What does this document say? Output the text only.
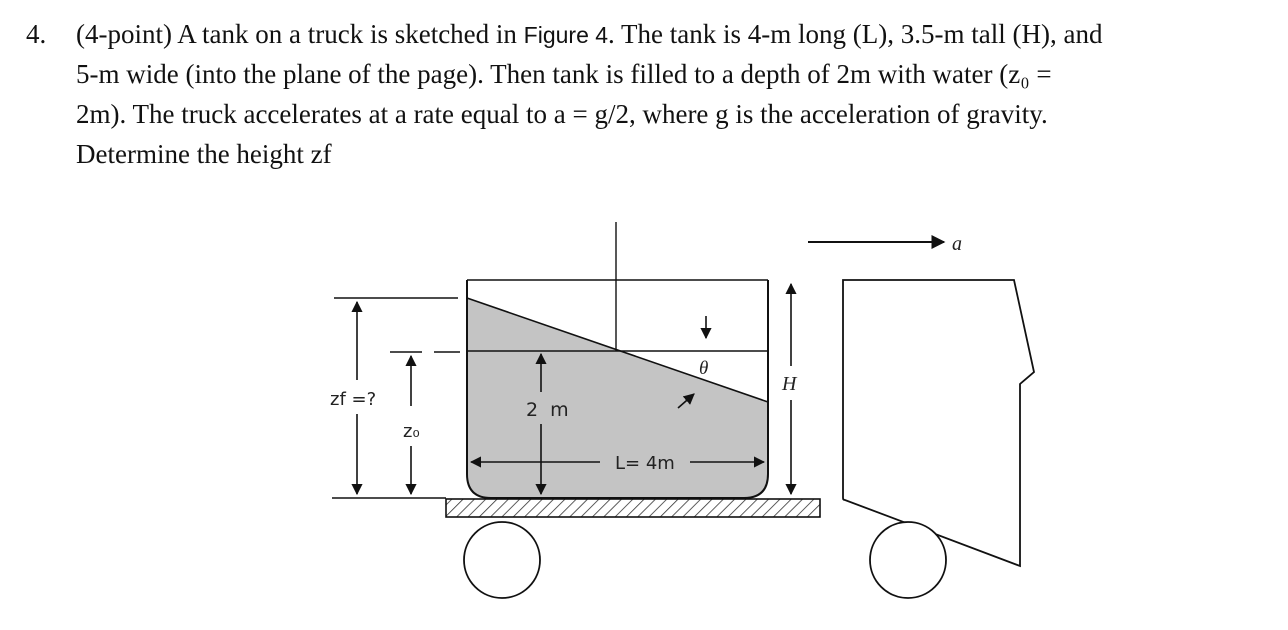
4. (4-point) A tank on a truck is sketched in Figure 4. The tank is 4-m long (L), 3.5-m tall (H), and
5-m wide (into the plane of the page). Then tank is filled to a depth of 2m with water (z₀ =
2m). The truck accelerates at a rate equal to a = g/2, where g is the acceleration of gravity.
Determine the height zf
a
θ
2  m
L= 4m
H
zf =?
z₀
